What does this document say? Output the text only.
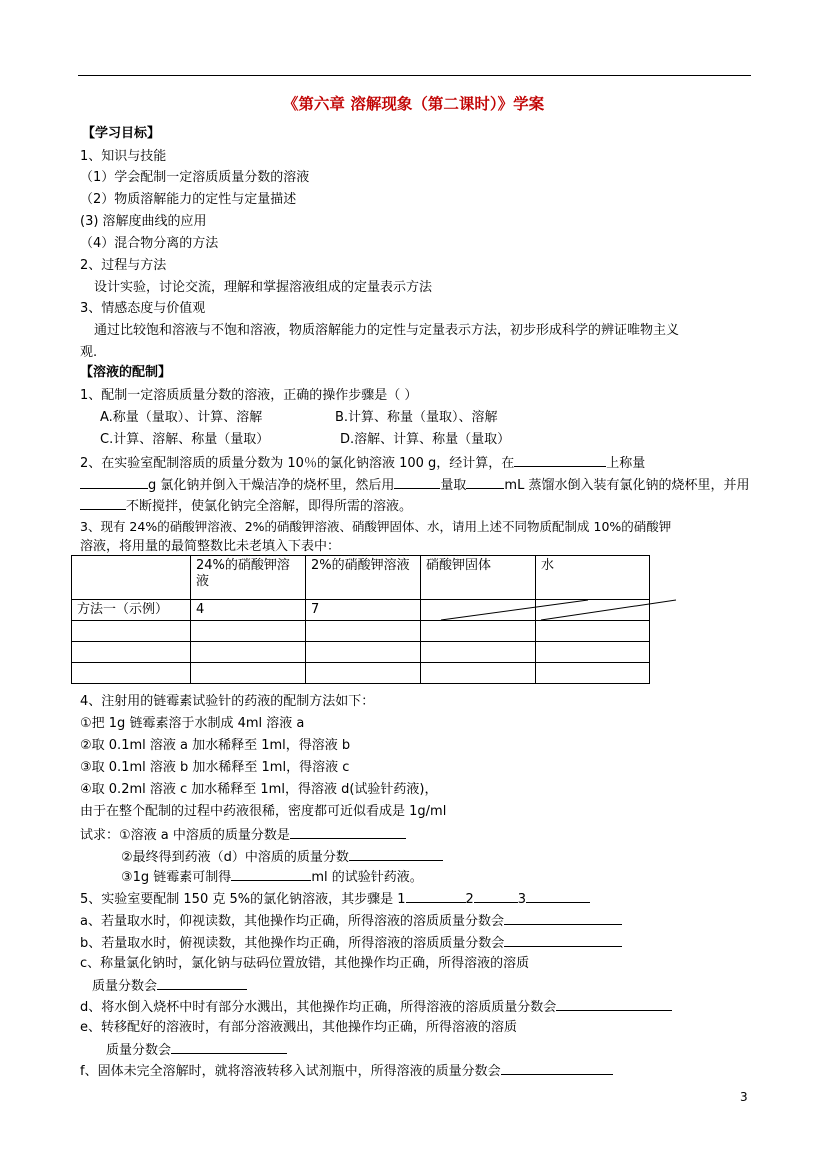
《第六章 溶解现象（第二课时）》学案
【学习目标】
1、知识与技能
（1）学会配制一定溶质质量分数的溶液
（2）物质溶解能力的定性与定量描述
(3) 溶解度曲线的应用
（4）混合物分离的方法
2、过程与方法
设计实验，讨论交流，理解和掌握溶液组成的定量表示方法
3、情感态度与价值观
通过比较饱和溶液与不饱和溶液，物质溶解能力的定性与定量表示方法，初步形成科学的辨证唯物主义
观.
【溶液的配制】
1、配制一定溶质质量分数的溶液，正确的操作步骤是（ ）
A.称量（量取）、计算、溶解	B.计算、称量（量取）、溶解
C.计算、溶解、称量（量取）	D.溶解、计算、称量（量取）
2、在实验室配制溶质的质量分数为 10％的氯化钠溶液 100 g，经计算，在	上称量
g 氯化钠并倒入干燥洁净的烧杯里，然后用	量取	mL 蒸馏水倒入装有氯化钠的烧杯里，并用
不断搅拌，使氯化钠完全溶解，即得所需的溶液。
3、现有 24%的硝酸钾溶液、2%的硝酸钾溶液、硝酸钾固体、水，请用上述不同物质配制成 10%的硝酸钾
溶液，将用量的最简整数比未老填入下表中：
	24%的硝酸钾溶液	2%的硝酸钾溶液	硝酸钾固体	水
方法一（示例）	4	7		

4、注射用的链霉素试验针的药液的配制方法如下：
①把 1g 链霉素溶于水制成 4ml 溶液 a
②取 0.1ml 溶液 a 加水稀释至 1ml，得溶液 b
③取 0.1ml 溶液 b 加水稀释至 1ml，得溶液 c
④取 0.2ml 溶液 c 加水稀释至 1ml，得溶液 d(试验针药液)，
由于在整个配制的过程中药液很稀，密度都可近似看成是 1g/ml
试求：①溶液 a 中溶质的质量分数是
②最终得到药液（d）中溶质的质量分数
③1g 链霉素可制得	ml 的试验针药液。
5、实验室要配制 150 克 5%的氯化钠溶液，其步骤是 1	2	3
a、若量取水时，仰视读数，其他操作均正确，所得溶液的溶质质量分数会
b、若量取水时，俯视读数，其他操作均正确，所得溶液的溶质质量分数会
c、称量氯化钠时，氯化钠与砝码位置放错，其他操作均正确，所得溶液的溶质
质量分数会
d、将水倒入烧杯中时有部分水溅出，其他操作均正确，所得溶液的溶质质量分数会
e、转移配好的溶液时，有部分溶液溅出，其他操作均正确，所得溶液的溶质
质量分数会
f、固体未完全溶解时，就将溶液转移入试剂瓶中，所得溶液的质量分数会
3
